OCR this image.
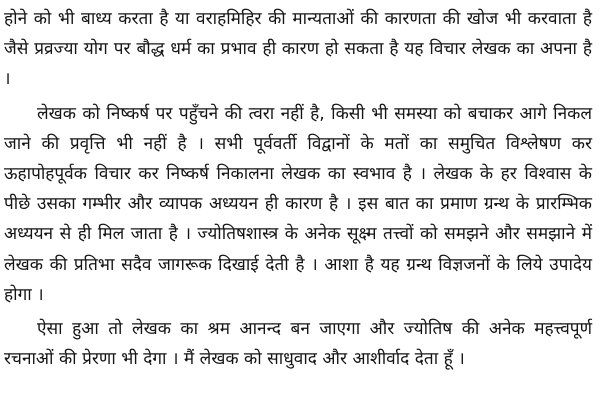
होने को भी बाध्य करता है या वराहमिहिर की मान्यताओं की कारणता की खोज भी करवाता है जैसे प्रव्रज्या योग पर बौद्ध धर्म का प्रभाव ही कारण हो सकता है यह विचार लेखक का अपना है ।

लेखक को निष्कर्ष पर पहुँचने की त्वरा नहीं है, किसी भी समस्या को बचाकर आगे निकल जाने की प्रवृत्ति भी नहीं है । सभी पूर्ववर्ती विद्वानों के मतों का समुचित विश्लेषण कर ऊहापोहपूर्वक विचार कर निष्कर्ष निकालना लेखक का स्वभाव है । लेखक के हर विश्वास के पीछे उसका गम्भीर और व्यापक अध्ययन ही कारण है । इस बात का प्रमाण ग्रन्थ के प्रारम्भिक अध्ययन से ही मिल जाता है । ज्योतिषशास्त्र के अनेक सूक्ष्म तत्त्वों को समझने और समझाने में लेखक की प्रतिभा सदैव जागरूक दिखाई देती है । आशा है यह ग्रन्थ विज्ञजनों के लिये उपादेय होगा ।

ऐसा हुआ तो लेखक का श्रम आनन्द बन जाएगा और ज्योतिष की अनेक महत्त्वपूर्ण रचनाओं की प्रेरणा भी देगा । मैं लेखक को साधुवाद और आशीर्वाद देता हूँ ।
